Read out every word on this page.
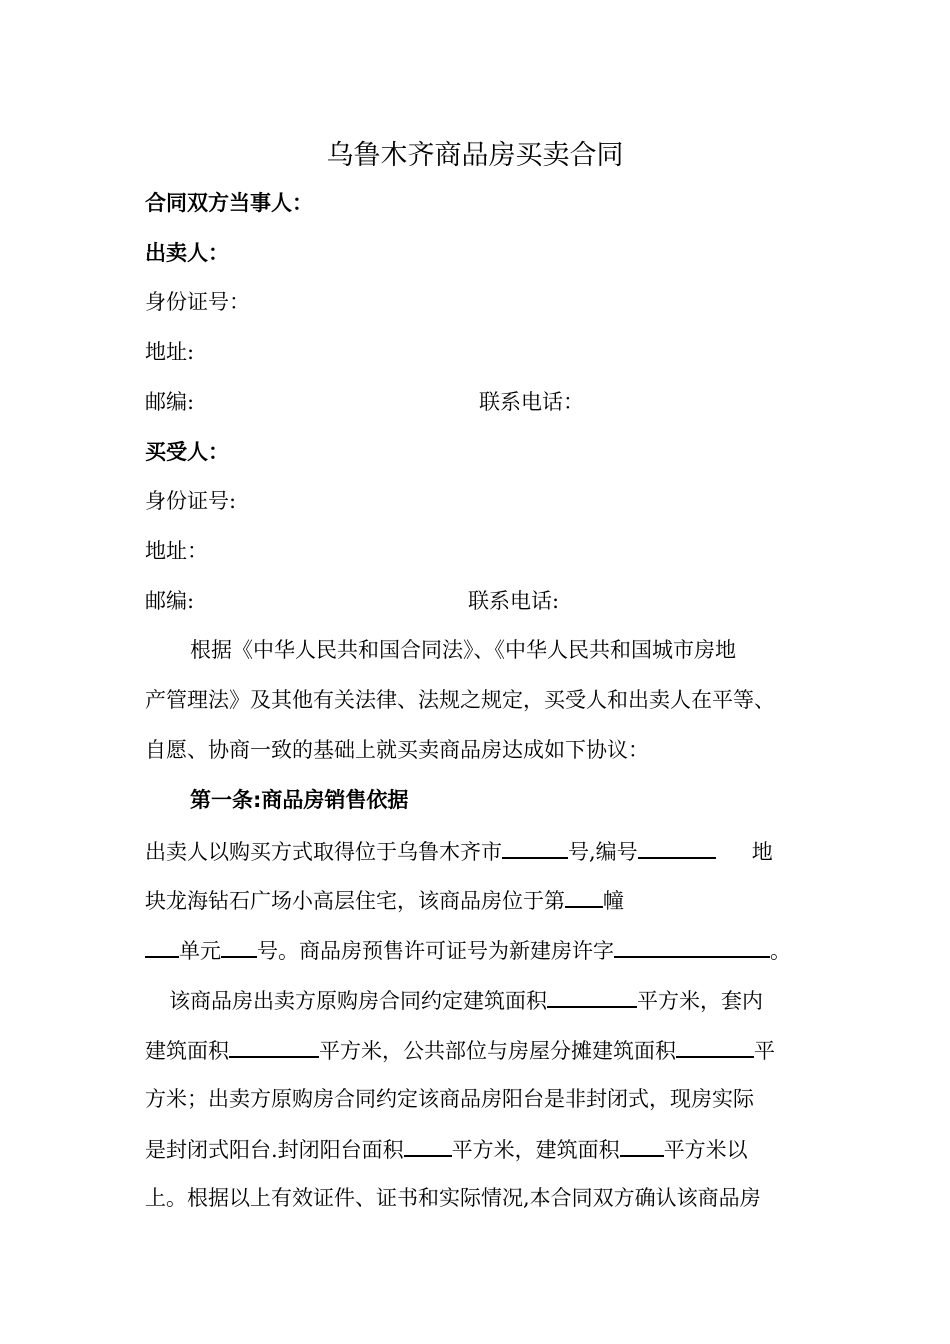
乌鲁木齐商品房买卖合同
合同双方当事人：
出卖人：
身份证号：
地址:
邮编:	联系电话：
买受人：
身份证号:
地址：
邮编:	联系电话:
根据《中华人民共和国合同法》、《中华人民共和国城市房地
产管理法》及其他有关法律、法规之规定，买受人和出卖人在平等、
自愿、协商一致的基础上就买卖商品房达成如下协议：
第一条:商品房销售依据
出卖人以购买方式取得位于乌鲁木齐市	号,编号	地
块龙海钻石广场小高层住宅，该商品房位于第 幢
单元 号。商品房预售许可证号为新建房许字	。
该商品房出卖方原购房合同约定建筑面积	平方米，套内
建筑面积	平方米，公共部位与房屋分摊建筑面积	平
方米；出卖方原购房合同约定该商品房阳台是非封闭式，现房实际
是封闭式阳台.封闭阳台面积 平方米，建筑面积 平方米以
上。根据以上有效证件、证书和实际情况,本合同双方确认该商品房
